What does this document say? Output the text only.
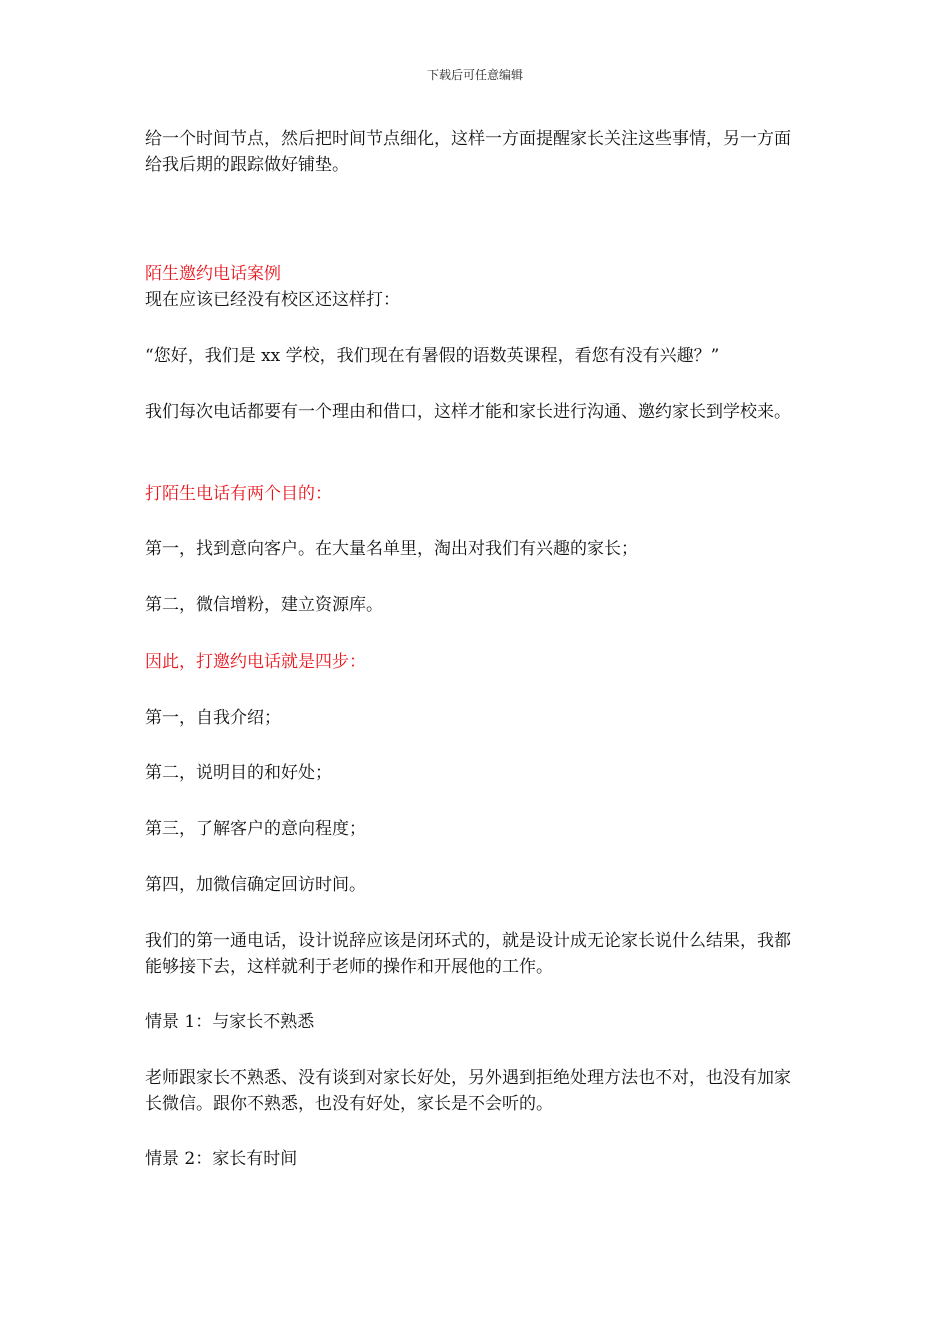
下载后可任意编辑

给一个时间节点，然后把时间节点细化，这样一方面提醒家长关注这些事情，另一方面给我后期的跟踪做好铺垫。

陌生邀约电话案例

现在应该已经没有校区还这样打：

“您好，我们是 xx 学校，我们现在有暑假的语数英课程，看您有没有兴趣？”

我们每次电话都要有一个理由和借口，这样才能和家长进行沟通、邀约家长到学校来。

打陌生电话有两个目的：

第一，找到意向客户。在大量名单里，淘出对我们有兴趣的家长；

第二，微信增粉，建立资源库。

因此，打邀约电话就是四步：

第一，自我介绍；

第二，说明目的和好处；

第三，了解客户的意向程度；

第四，加微信确定回访时间。

我们的第一通电话，设计说辞应该是闭环式的，就是设计成无论家长说什么结果，我都能够接下去，这样就利于老师的操作和开展他的工作。

情景 1：与家长不熟悉

老师跟家长不熟悉、没有谈到对家长好处，另外遇到拒绝处理方法也不对，也没有加家长微信。跟你不熟悉，也没有好处，家长是不会听的。

情景 2：家长有时间
